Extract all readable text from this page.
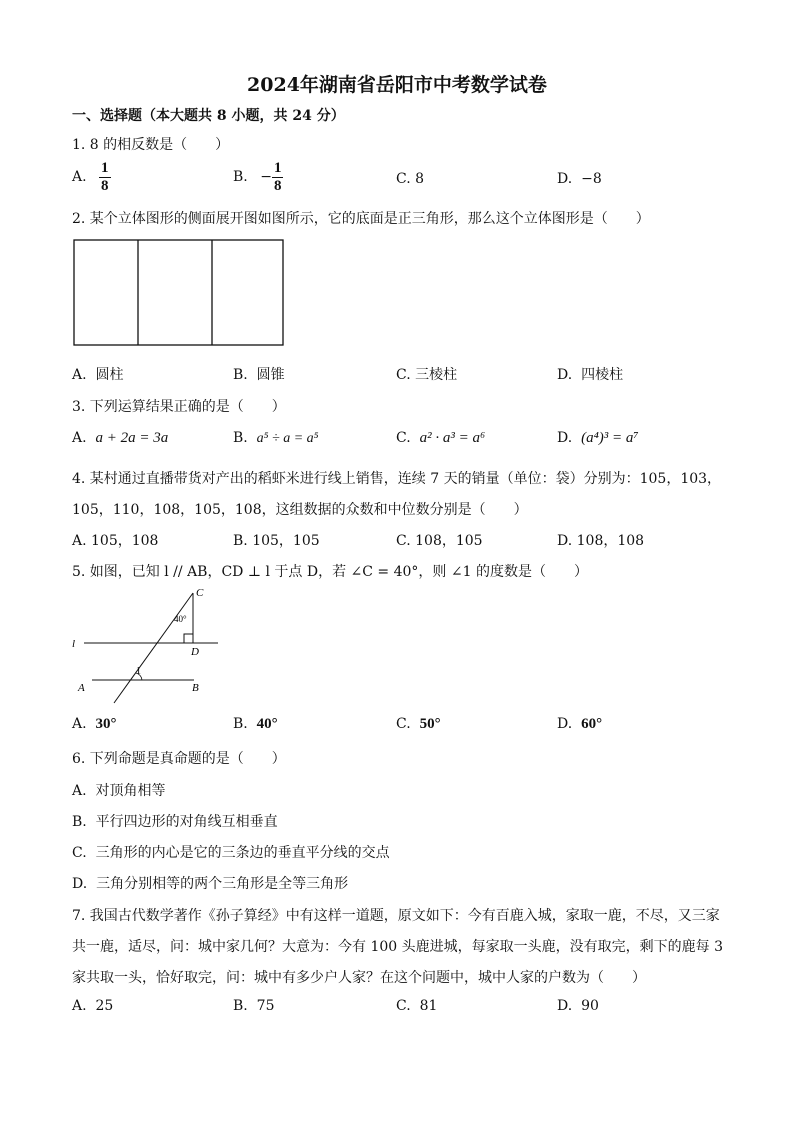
2024年湖南省岳阳市中考数学试卷
一、选择题（本大题共 8 小题，共 24 分）
1. 8 的相反数是（　　）
A. $\frac{1}{8}$	B. − $\frac{1}{8}$	C. 8	D. −8
2. 某个立体图形的侧面展开图如图所示，它的底面是正三角形，那么这个立体图形是（　　）
A. 圆柱	B. 圆锥	C. 三棱柱	D. 四棱柱
3. 下列运算结果正确的是（　　）
A. a + 2a = 3a	B. a⁵ ÷ a = a⁵	C. a² · a³ = a⁶	D. (a⁴)³ = a⁷
4. 某村通过直播带货对产出的稻虾米进行线上销售，连续 7 天的销量（单位：袋）分别为：105，103，
105，110，108，105，108，这组数据的众数和中位数分别是（　　）
A. 105，108	B. 105，105	C. 108，105	D. 108，108
5. 如图，已知 l // AB，CD ⊥ l 于点 D，若 ∠C = 40°，则 ∠1 的度数是（　　）
C
40°
l
D
1
A	B
A. 30°	B. 40°	C. 50°	D. 60°
6. 下列命题是真命题的是（　　）
A. 对顶角相等
B. 平行四边形的对角线互相垂直
C. 三角形的内心是它的三条边的垂直平分线的交点
D. 三角分别相等的两个三角形是全等三角形
7. 我国古代数学著作《孙子算经》中有这样一道题，原文如下：今有百鹿入城，家取一鹿，不尽，又三家
共一鹿，适尽，问：城中家几何？大意为：今有 100 头鹿进城，每家取一头鹿，没有取完，剩下的鹿每 3
家共取一头，恰好取完，问：城中有多少户人家？在这个问题中，城中人家的户数为（　　）
A. 25	B. 75	C. 81	D. 90
